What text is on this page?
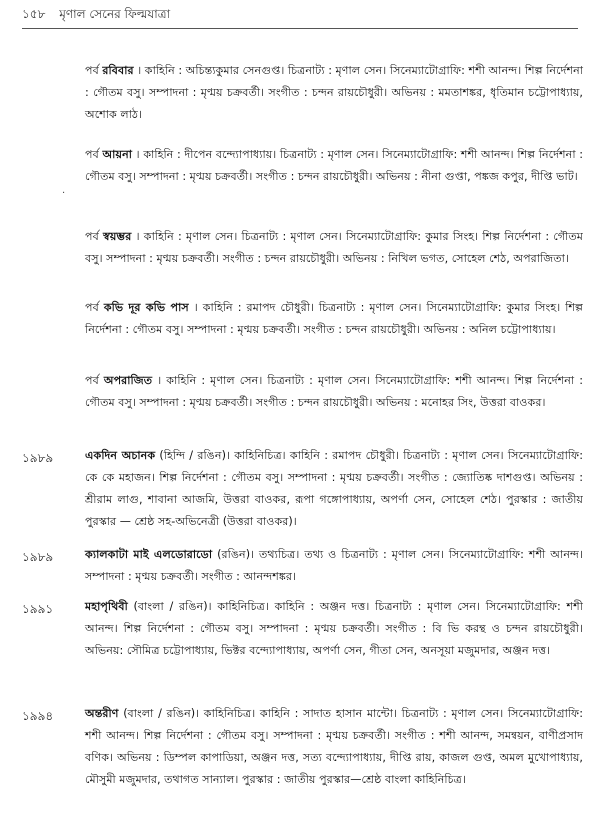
১৫৮ মৃণাল সেনের ফিল্মযাত্রা
·
পর্ব রবিবার । কাহিনি : অচিন্ত্যকুমার সেনগুপ্ত। চিত্রনাট্য : মৃণাল সেন। সিনেম্যাটোগ্রাফি: শশী আনন্দ। শিল্প নির্দেশনা : গৌতম বসু। সম্পাদনা : মৃণ্ময় চক্রবর্তী। সংগীত : চন্দন রায়চৌধুরী। অভিনয় : মমতাশঙ্কর, ধৃতিমান চট্টোপাধ্যায়, অশোক লাঠ।
পর্ব আয়না । কাহিনি : দীপেন বন্দ্যোপাধ্যায়। চিত্রনাট্য : মৃণাল সেন। সিনেম্যাটোগ্রাফি: শশী আনন্দ। শিল্প নির্দেশনা : গৌতম বসু। সম্পাদনা : মৃণ্ময় চক্রবর্তী। সংগীত : চন্দন রায়চৌধুরী। অভিনয় : নীনা গুপ্তা, পঙ্কজ কপুর, দীপ্তি ভাট।
পর্ব স্বয়ম্ভর । কাহিনি : মৃণাল সেন। চিত্রনাট্য : মৃণাল সেন। সিনেম্যাটোগ্রাফি: কুমার সিংহ। শিল্প নির্দেশনা : গৌতম বসু। সম্পাদনা : মৃণ্ময় চক্রবর্তী। সংগীত : চন্দন রায়চৌধুরী। অভিনয় : নিখিল ভগত, সোহেল শেঠ, অপরাজিতা।
পর্ব কভি দূর কভি পাস । কাহিনি : রমাপদ চৌধুরী। চিত্রনাট্য : মৃণাল সেন। সিনেম্যাটোগ্রাফি: কুমার সিংহ। শিল্প নির্দেশনা : গৌতম বসু। সম্পাদনা : মৃণ্ময় চক্রবর্তী। সংগীত : চন্দন রায়চৌধুরী। অভিনয় : অনিল চট্টোপাধ্যায়।
পর্ব অপরাজিত । কাহিনি : মৃণাল সেন। চিত্রনাট্য : মৃণাল সেন। সিনেম্যাটোগ্রাফি: শশী আনন্দ। শিল্প নির্দেশনা : গৌতম বসু। সম্পাদনা : মৃণ্ময় চক্রবর্তী। সংগীত : চন্দন রায়চৌধুরী। অভিনয় : মনোহর সিং, উত্তরা বাওকর।
১৯৮৯	একদিন অচানক (হিন্দি / রঙিন)। কাহিনিচিত্র। কাহিনি : রমাপদ চৌধুরী। চিত্রনাট্য : মৃণাল সেন। সিনেম্যাটোগ্রাফি: কে কে মহাজন। শিল্প নির্দেশনা : গৌতম বসু। সম্পাদনা : মৃণ্ময় চক্রবর্তী। সংগীত : জ্যোতিষ্ক দাশগুপ্ত। অভিনয় : শ্রীরাম লাগু, শাবানা আজমি, উত্তরা বাওকর, রূপা গঙ্গোপাধ্যায়, অপর্ণা সেন, সোহেল শেঠ। পুরস্কার : জাতীয় পুরস্কার — শ্রেষ্ঠ সহ-অভিনেত্রী (উত্তরা বাওকর)।
১৯৮৯	ক্যালকাটা মাই এলডোরাডো (রঙিন)। তথ্যচিত্র। তথ্য ও চিত্রনাট্য : মৃণাল সেন। সিনেম্যাটোগ্রাফি: শশী আনন্দ। সম্পাদনা : মৃণ্ময় চক্রবর্তী। সংগীত : আনন্দশঙ্কর।
১৯৯১	মহাপৃথিবী (বাংলা / রঙিন)। কাহিনিচিত্র। কাহিনি : অঞ্জন দত্ত। চিত্রনাট্য : মৃণাল সেন। সিনেম্যাটোগ্রাফি: শশী আনন্দ। শিল্প নির্দেশনা : গৌতম বসু। সম্পাদনা : মৃণ্ময় চক্রবর্তী। সংগীত : বি ভি করন্থ ও চন্দন রায়চৌধুরী। অভিনয়: সৌমিত্র চট্টোপাধ্যায়, ভিক্টর বন্দ্যোপাধ্যায়, অপর্ণা সেন, গীতা সেন, অনসূয়া মজুমদার, অঞ্জন দত্ত।
১৯৯৪	অন্তরীণ (বাংলা / রঙিন)। কাহিনিচিত্র। কাহিনি : সাদাত হাসান মান্টো। চিত্রনাট্য : মৃণাল সেন। সিনেম্যাটোগ্রাফি: শশী আনন্দ। শিল্প নির্দেশনা : গৌতম বসু। সম্পাদনা : মৃণ্ময় চক্রবর্তী। সংগীত : শশী আনন্দ, সমন্বয়ন, বাণীপ্রসাদ বণিক। অভিনয় : ডিম্পল কাপাডিয়া, অঞ্জন দত্ত, সত্য বন্দ্যোপাধ্যায়, দীপ্তি রায়, কাজল গুপ্ত, অমল মুখোপাধ্যায়, মৌসুমী মজুমদার, তথাগত সান্যাল। পুরস্কার : জাতীয় পুরস্কার—শ্রেষ্ঠ বাংলা কাহিনিচিত্র।
